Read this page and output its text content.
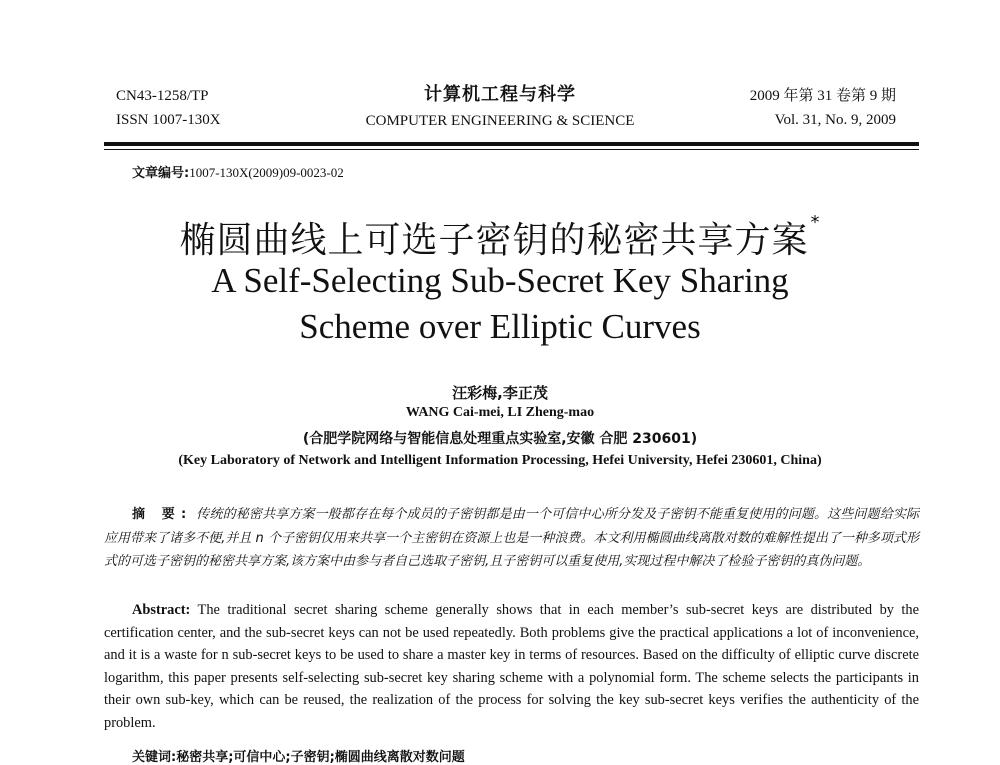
CN43-1258/TP
ISSN 1007-130X
计算机工程与科学
COMPUTER ENGINEERING & SCIENCE
2009 年第 31 卷第 9 期
Vol. 31, No. 9, 2009
文章编号:1007-130X(2009)09-0023-02
椭圆曲线上可选子密钥的秘密共享方案 *
A Self-Selecting Sub-Secret Key Sharing
Scheme over Elliptic Curves
汪彩梅,李正茂
WANG Cai-mei, LI Zheng-mao
(合肥学院网络与智能信息处理重点实验室,安徽 合肥 230601)
(Key Laboratory of Network and Intelligent Information Processing, Hefei University, Hefei 230601, China)
摘 要: 传统的秘密共享方案一般都存在每个成员的子密钥都是由一个可信中心所分发及子密钥不能重复使用的问题。这些问题给实际应用带来了诸多不便,并且 n 个子密钥仅用来共享一个主密钥在资源上也是一种浪费。本文利用椭圆曲线离散对数的难解性提出了一种多项式形式的可选子密钥的秘密共享方案,该方案中由参与者自己选取子密钥,且子密钥可以重复使用,实现过程中解决了检验子密钥的真伪问题。
Abstract: The traditional secret sharing scheme generally shows that in each member’s sub-secret keys are distributed by the certification center, and the sub-secret keys can not be used repeatedly. Both problems give the practical applications a lot of inconvenience, and it is a waste for n sub-secret keys to be used to share a master key in terms of resources. Based on the difficulty of elliptic curve discrete logarithm, this paper presents self-selecting sub-secret key sharing scheme with a polynomial form. The scheme selects the participants in their own sub-key, which can be reused, the realization of the process for solving the key sub-secret keys verifies the authenticity of the problem.
关键词:秘密共享;可信中心;子密钥;椭圆曲线离散对数问题
